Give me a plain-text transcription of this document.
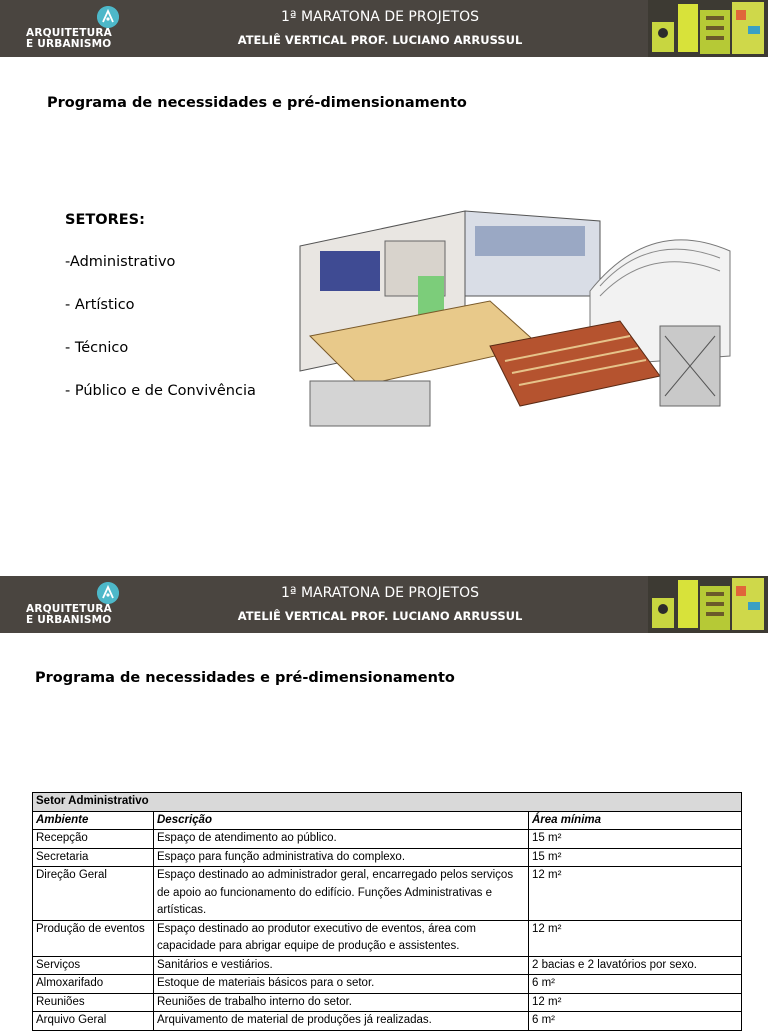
ARQUITETURA
E URBANISMO
1ª MARATONA DE PROJETOS
ATELIÊ VERTICAL PROF. LUCIANO ARRUSSUL
Programa de necessidades e pré-dimensionamento
SETORES:
-Administrativo
- Artístico
- Técnico
- Público e de Convivência
ARQUITETURA
E URBANISMO
1ª MARATONA DE PROJETOS
ATELIÊ VERTICAL PROF. LUCIANO ARRUSSUL
Programa de necessidades e pré-dimensionamento
Setor Administrativo		
Ambiente	Descrição	Área mínima
Recepção	Espaço de atendimento ao público.	15 m²
Secretaria	Espaço para função administrativa do complexo.	15 m²
Direção Geral	Espaço destinado ao administrador geral, encarregado pelos serviços de apoio ao funcionamento do edifício. Funções Administrativas e artísticas.	12 m²
Produção de eventos	Espaço destinado ao produtor executivo de eventos, área com capacidade para abrigar equipe de produção e assistentes.	12 m²
Serviços	Sanitários e vestiários.	2 bacias e 2 lavatórios por sexo.
Almoxarifado	Estoque de materiais básicos para o setor.	6 m²
Reuniões	Reuniões de trabalho interno do setor.	12 m²
Arquivo Geral	Arquivamento de material de produções já realizadas.	6 m²
